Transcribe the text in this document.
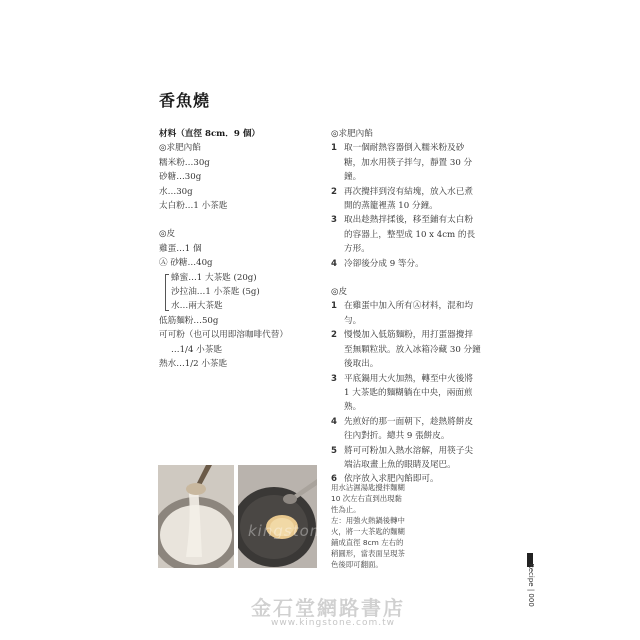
香魚燒
材料（直徑 8cm．9 個）
◎求肥內餡
糯米粉…30g
砂糖…30g
水…30g
太白粉…1 小茶匙
◎皮
雞蛋…1 個
Ⓐ 砂糖…40g
蜂蜜…1 大茶匙 (20g)
沙拉油…1 小茶匙 (5g)
水…兩大茶匙
低筋麵粉…50g
可可粉（也可以用即溶咖啡代替）
…1/4 小茶匙
熱水…1/2 小茶匙
◎求肥內餡
1 取一個耐熱容器倒入糯米粉及砂糖，加水用筷子拌勻，靜置 30 分鐘。
2 再次攪拌到沒有結塊，放入水已煮開的蒸籠裡蒸 10 分鐘。
3 取出趁熱拌揉後，移至鋪有太白粉的容器上，整型成 10 x 4cm 的長方形。
4 冷卻後分成 9 等分。
◎皮
1 在雞蛋中加入所有Ⓐ材料，混和均勻。
2 慢慢加入低筋麵粉，用打蛋器攪拌至無顆粒狀。放入冰箱冷藏 30 分鐘後取出。
3 平底鍋用大火加熱，轉至中火後將 1 大茶匙的麵糊躺在中央，兩面煎熟。
4 先煎好的那一面朝下，趁熱將餅皮往內對折。總共 9 張餅皮。
5 將可可粉加入熱水溶解，用筷子尖端沾取畫上魚的眼睛及尾巴。
6 依序放入求肥內餡即可。
kingstone

用水沾濕湯匙攪拌麵糊 10 次左右直到出現黏性為止。

左：用強火熱鍋後轉中火，將一大茶匙的麵糊鋪成直徑 8cm 左右的稍圓形，當表面呈現茶色後即可翻面。	Recipe | 000
金石堂網路書店
www.kingstone.com.tw
